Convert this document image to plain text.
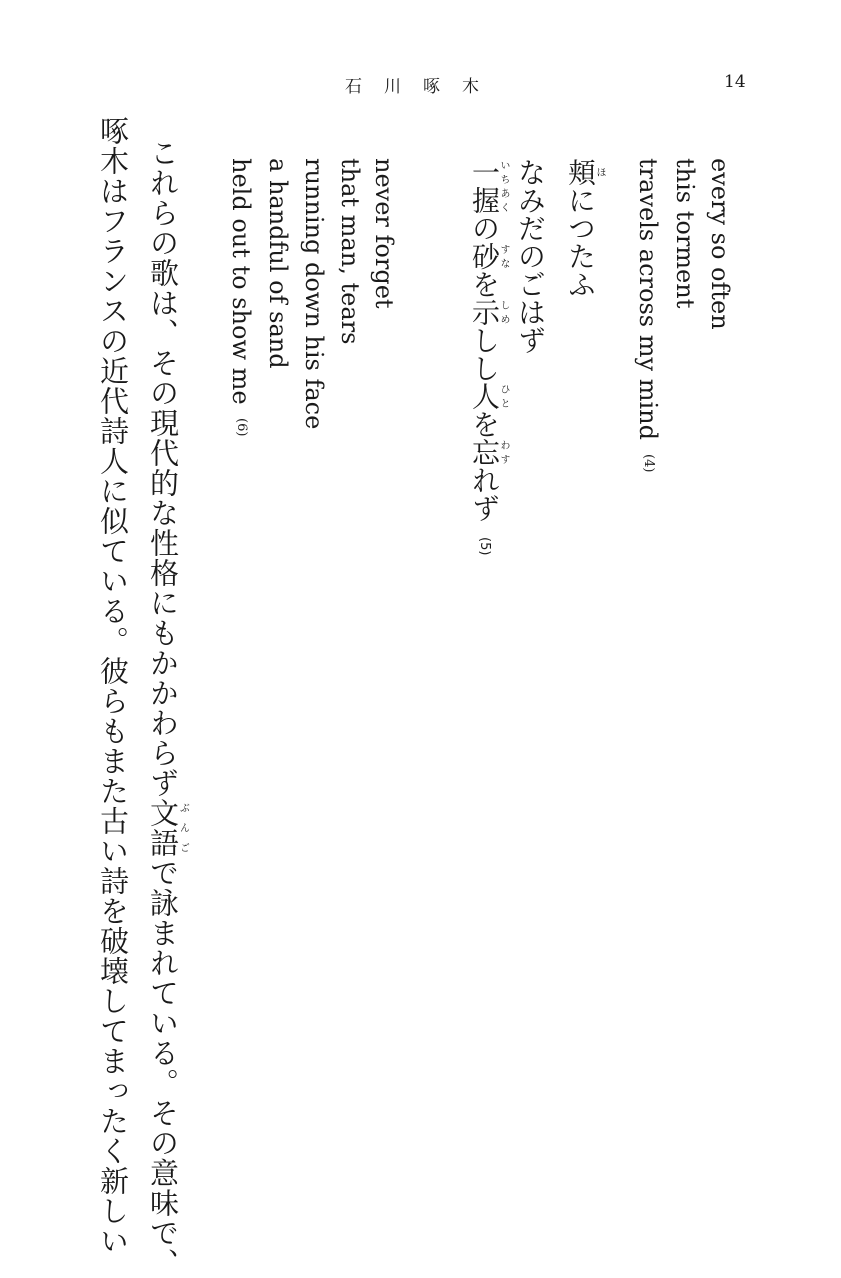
石川啄木	14
every so often
this torment
travels across my mind (4)
頬ほにつたふ
なみだのごはず
一握いちあくの砂すなを示しめしし人ひとを忘わすれず (5)
never forget
that man, tears
running down his face
a handful of sand
held out to show me (6)
これらの歌は、その現代的な性格にもかかわらず文語ぶんごで詠まれている。その意味で、
啄木はフランスの近代詩人に似ている。彼らもまた古い詩を破壊してまったく新しい
